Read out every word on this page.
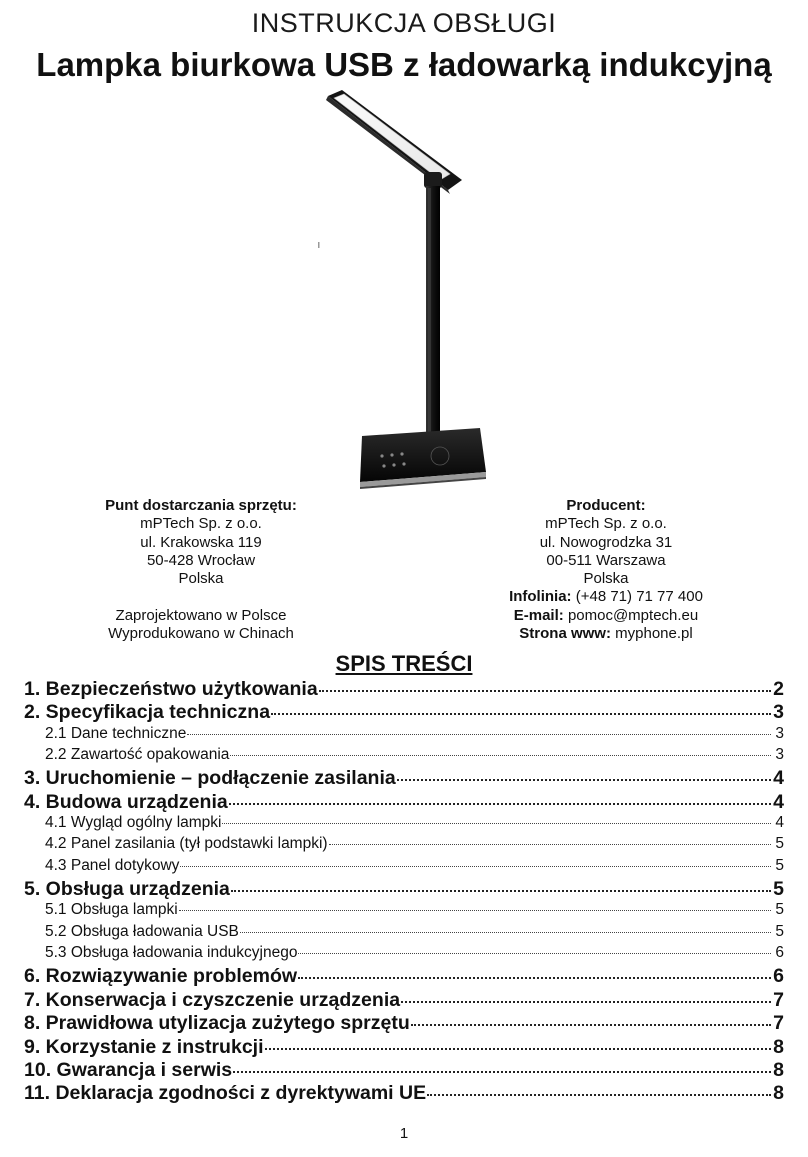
INSTRUKCJA OBSŁUGI
Lampka biurkowa USB z ładowarką indukcyjną
Punt dostarczania sprzętu:
mPTech Sp. z o.o.
ul. Krakowska 119
50-428 Wrocław
Polska
Zaprojektowano w Polsce
Wyprodukowano w Chinach
Producent:
mPTech Sp. z o.o.
ul. Nowogrodzka 31
00-511 Warszawa
Polska
Infolinia: (+48 71) 71 77 400
E-mail: pomoc@mptech.eu
Strona www: myphone.pl
SPIS TREŚCI
1. Bezpieczeństwo użytkowania	2
2. Specyfikacja techniczna	3
2.1 Dane techniczne	3
2.2 Zawartość opakowania	3
3. Uruchomienie – podłączenie zasilania	4
4. Budowa urządzenia	4
4.1 Wygląd ogólny lampki	4
4.2 Panel zasilania (tył podstawki lampki)	5
4.3 Panel dotykowy	5
5. Obsługa urządzenia	5
5.1 Obsługa lampki	5
5.2 Obsługa ładowania USB	5
5.3 Obsługa ładowania indukcyjnego	6
6. Rozwiązywanie problemów	6
7. Konserwacja i czyszczenie urządzenia	7
8. Prawidłowa utylizacja zużytego sprzętu	7
9. Korzystanie z instrukcji	8
10. Gwarancja i serwis	8
11. Deklaracja zgodności z dyrektywami UE	8
1
